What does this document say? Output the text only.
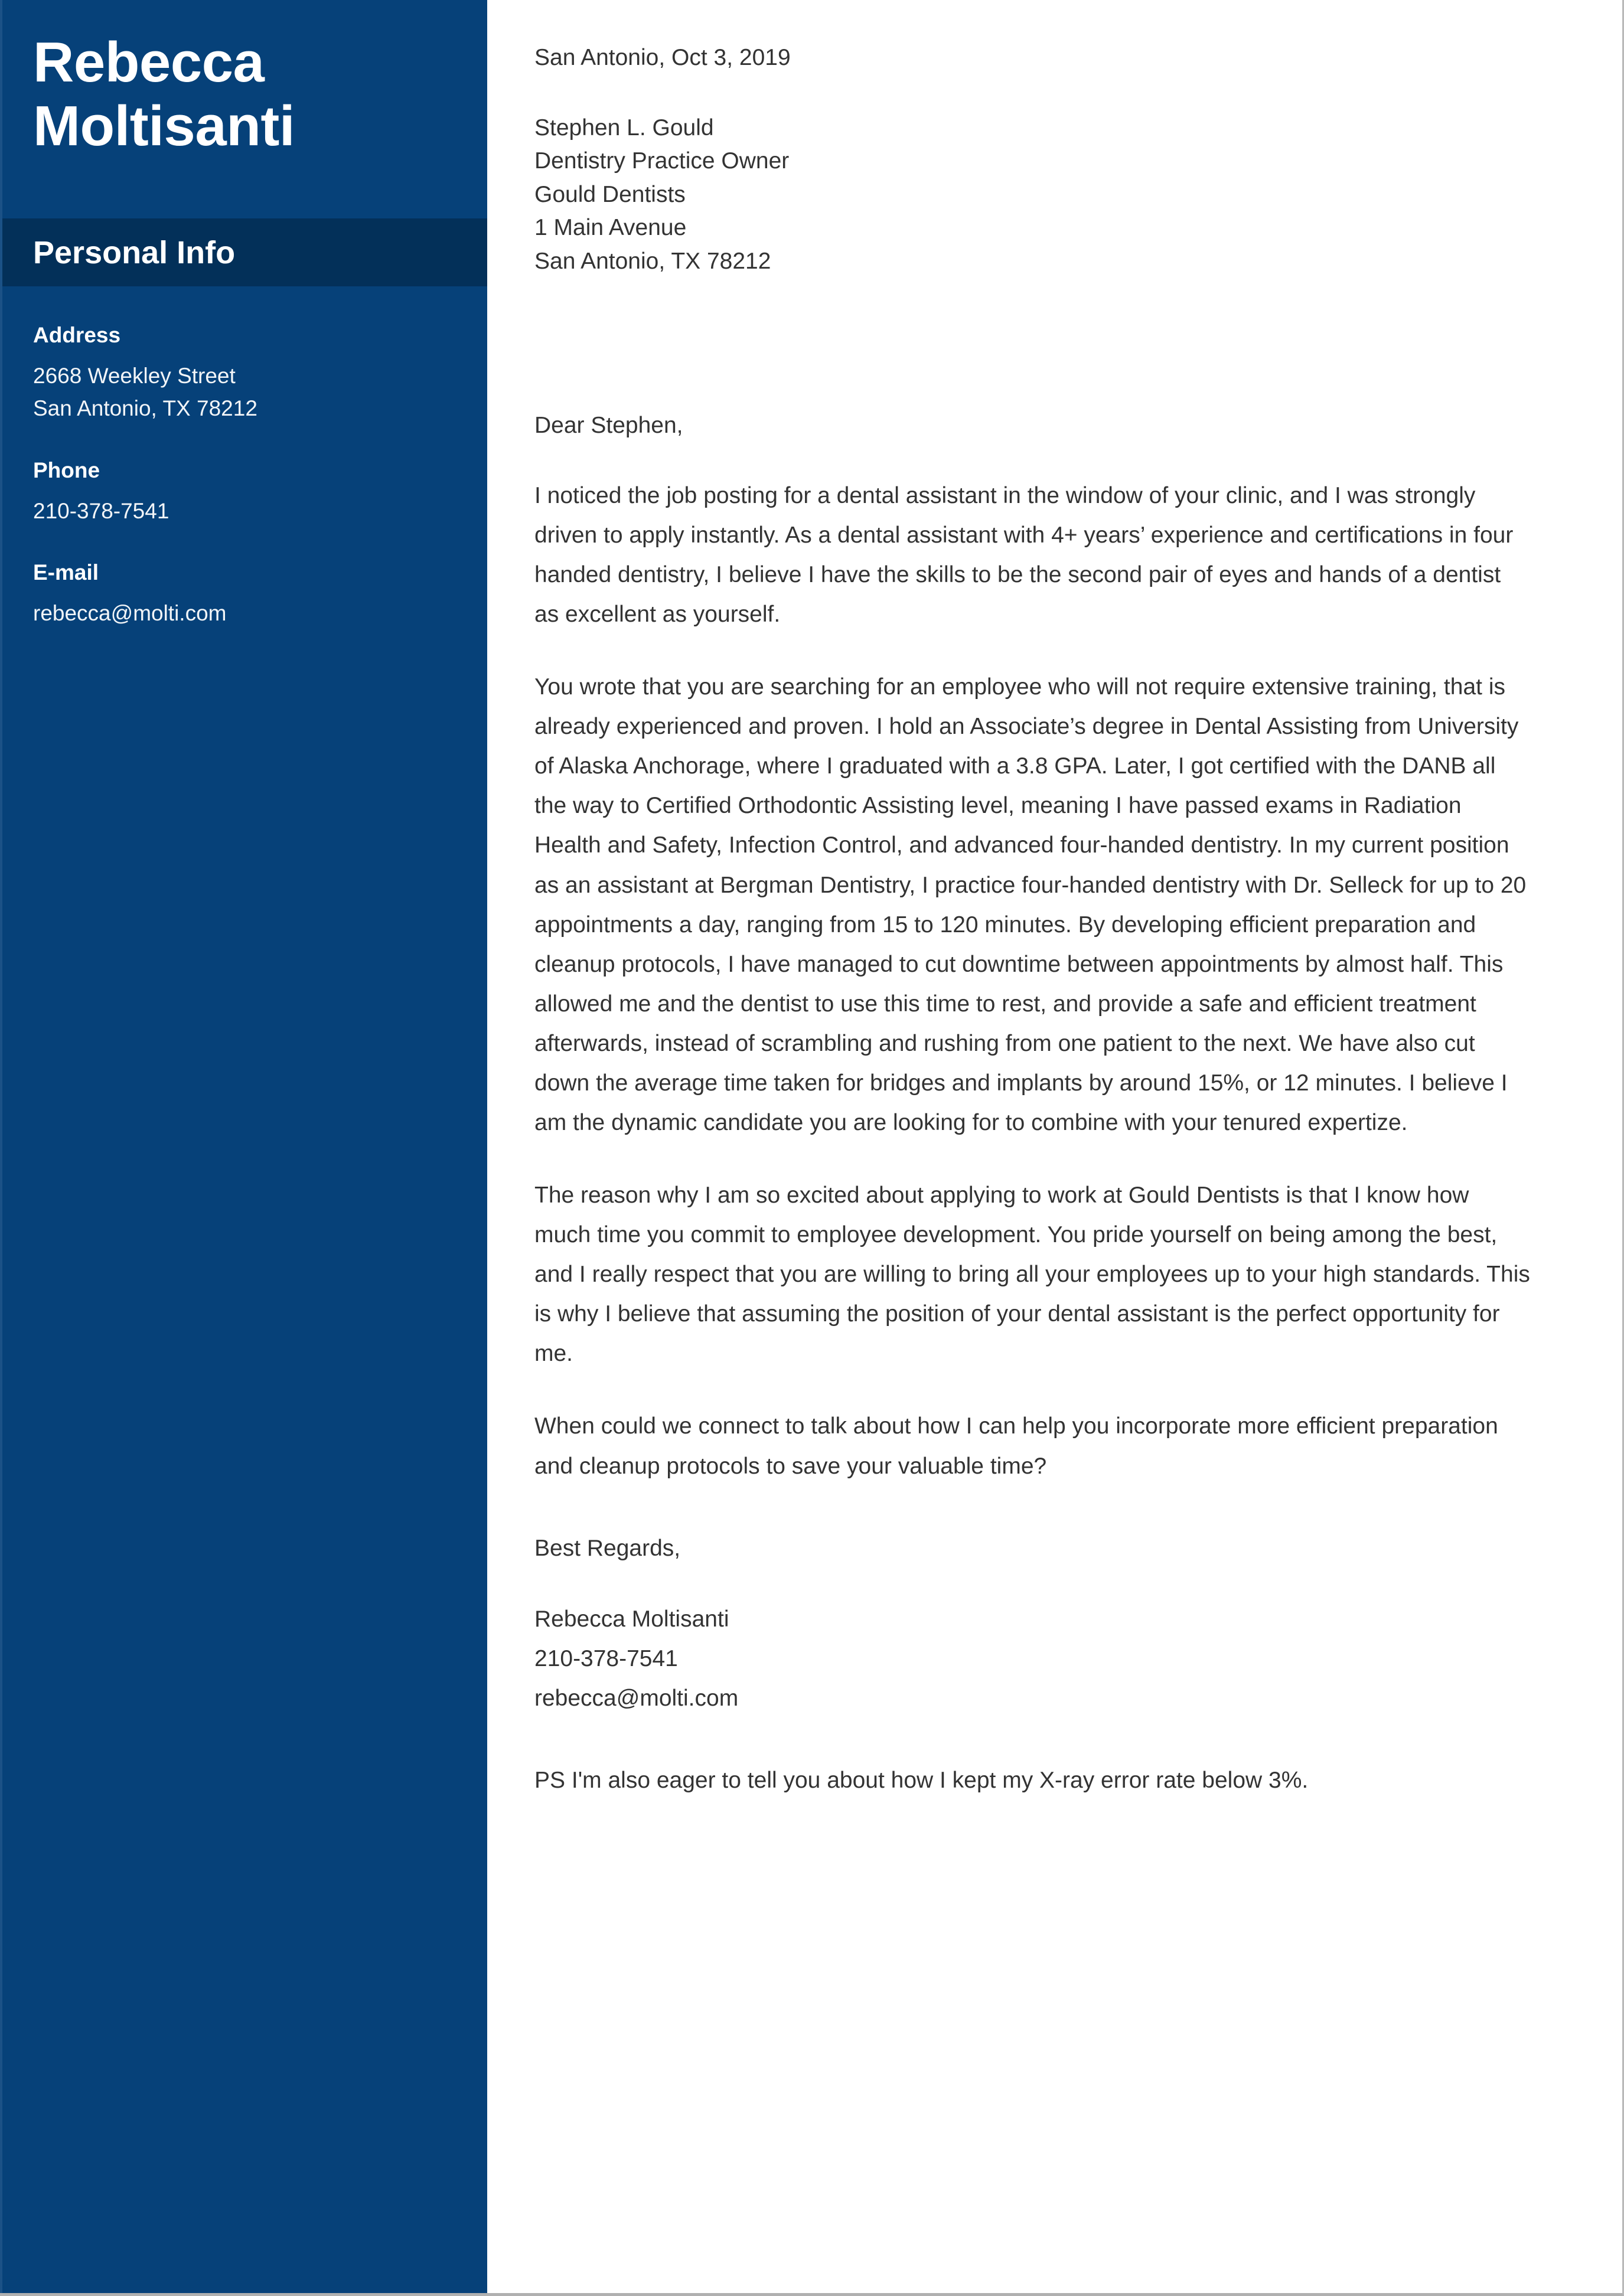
Rebecca
Moltisanti
Personal Info
Address
2668 Weekley Street
San Antonio, TX 78212
Phone
210-378-7541
E-mail
rebecca@molti.com
San Antonio, Oct 3, 2019
Stephen L. Gould
Dentistry Practice Owner
Gould Dentists
1 Main Avenue
San Antonio, TX 78212
Dear Stephen,

I noticed the job posting for a dental assistant in the window of your clinic, and I was strongly driven to apply instantly. As a dental assistant with 4+ years’ experience and certifications in four handed dentistry, I believe I have the skills to be the second pair of eyes and hands of a dentist as excellent as yourself.

You wrote that you are searching for an employee who will not require extensive training, that is already experienced and proven. I hold an Associate’s degree in Dental Assisting from University of Alaska Anchorage, where I graduated with a 3.8 GPA. Later, I got certified with the DANB all the way to Certified Orthodontic Assisting level, meaning I have passed exams in Radiation Health and Safety, Infection Control, and advanced four-handed dentistry. In my current position as an assistant at Bergman Dentistry, I practice four-handed dentistry with Dr. Selleck for up to 20 appointments a day, ranging from 15 to 120 minutes. By developing efficient preparation and cleanup protocols, I have managed to cut downtime between appointments by almost half. This allowed me and the dentist to use this time to rest, and provide a safe and efficient treatment afterwards, instead of scrambling and rushing from one patient to the next. We have also cut down the average time taken for bridges and implants by around 15%, or 12 minutes. I believe I am the dynamic candidate you are looking for to combine with your tenured expertize.

The reason why I am so excited about applying to work at Gould Dentists is that I know how much time you commit to employee development. You pride yourself on being among the best, and I really respect that you are willing to bring all your employees up to your high standards. This is why I believe that assuming the position of your dental assistant is the perfect opportunity for me.

When could we connect to talk about how I can help you incorporate more efficient preparation and cleanup protocols to save your valuable time?

Best Regards,
Rebecca Moltisanti
210-378-7541
rebecca@molti.com
PS I'm also eager to tell you about how I kept my X-ray error rate below 3%.
